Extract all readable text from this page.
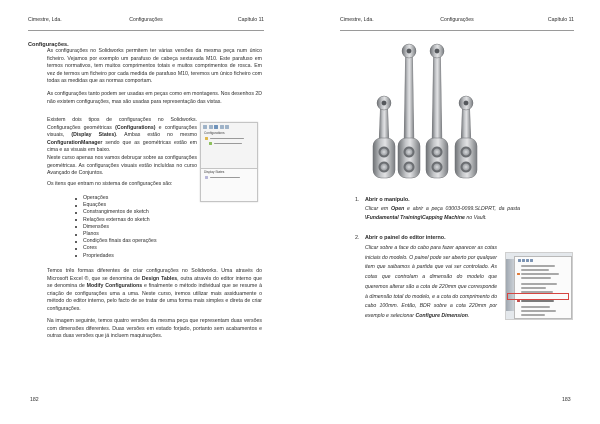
Cimestre, Lda.	Configurações	Capítulo 11
Configurações.

As configurações no Solidworks permitem ter várias versões da mesma peça num único ficheiro. Vejamos por exemplo um parafuso de cabeça sextavada M10. Este parafuso em termos normativos, tem muitos comprimentos totais e muitos comprimentos de rosca. Em vez de termos um ficheiro por cada medida de parafuso M10, teremos um único ficheiro com todas as medidas que as normas comportam.

As configurações tanto podem ser usadas em peças como em montagens. Nos desenhos 2D não existem configurações, mas são usadas para representação das vistas.

Existem dois tipos de configurações no Solidworks. Configurações geométricas (Configurations) e configurações visuais, (Display States). Ambas estão no mesmo ConfigurationManager sendo que as geométricas estão em cima e as visuais em baixo.
Neste curso apenas nos vamos debruçar sobre as configurações geométricas. As configurações visuais estão incluídas no curso Avançado de Conjuntos.
Configurations
Display States

Os itens que entram no sistema de configurações são:

Operações
Equações
Constrangimentos de sketch
Relações externas do sketch
Dimensões
Planos
Condições finais das operações
Cores
Propriedades

Temos três formas diferentes de criar configurações no Solidworks. Uma através do Microsoft Excel ®, que se denomina de Design Tables, outra através do editor interno que se denomina de Modify Configurations e finalmente o método individual que se resume à criação de configurações uma a uma. Neste curso, iremos utilizar mais assiduamente o método do editor interno, pelo facto de se tratar de uma forma mais simples e direta de criar configurações.

Na imagem seguinte, temos quatro versões da mesma peça que representam duas versões com dimensões diferentes. Duas versões em estado forjado, portanto sem acabamentos e outras duas versões que já incluem maquinações.

182
Cimestre, Lda.	Configurações	Capítulo 11
1. Abrir o manípulo.

Clicar em Open e abrir a peça 03003-0099.SLDPRT, da pasta \Fundamental Training\Capping Machine no Vault.

2. Abrir o painel do editor interno.

Clicar sobre a face do cabo para fazer aparecer as cotas iniciais do modelo. O painel pode ser aberto por qualquer item que saibamos à partida que vai ser controlado. As cotas que controlam a dimensão do modelo que queremos alterar são a cota de 220mm que corresponde à dimensão total do modelo, e a cota do comprimento do cabo 100mm. Então, BDR sobre a cota 220mm por exemplo e selecionar Configure Dimension.

183
